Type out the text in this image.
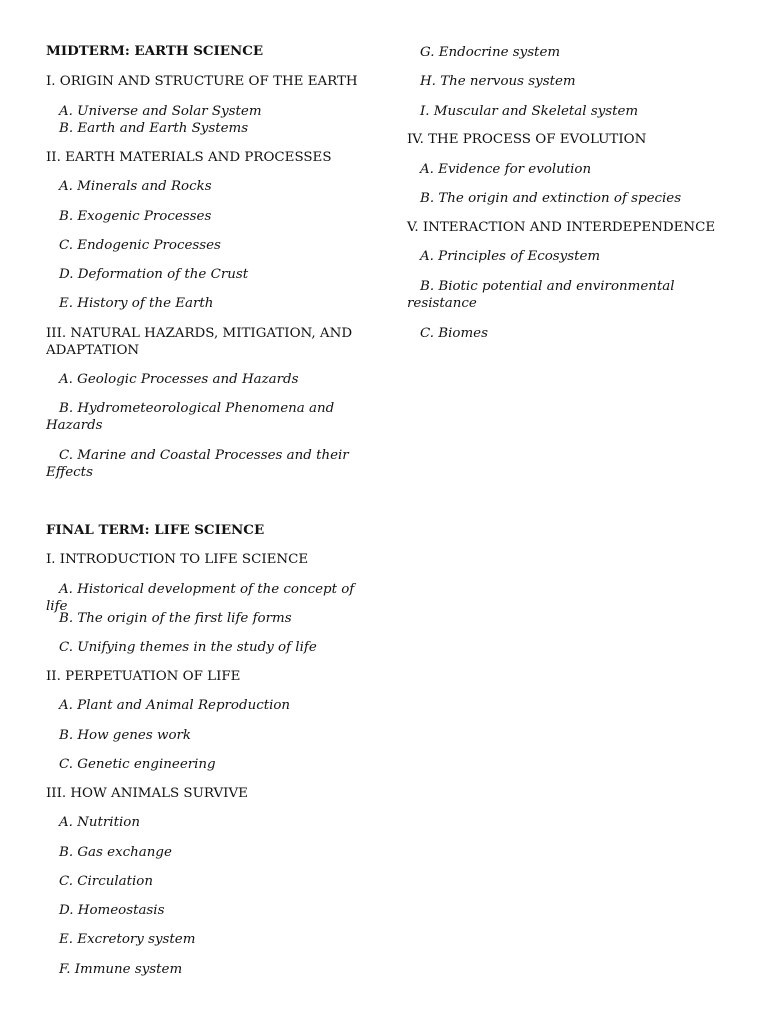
MIDTERM: EARTH SCIENCE
I. ORIGIN AND STRUCTURE OF THE EARTH
A. Universe and Solar System
B. Earth and Earth Systems
II. EARTH MATERIALS AND PROCESSES
A. Minerals and Rocks
B. Exogenic Processes
C. Endogenic Processes
D. Deformation of the Crust
E. History of the Earth
III. NATURAL HAZARDS, MITIGATION, AND ADAPTATION
A. Geologic Processes and Hazards
B. Hydrometeorological Phenomena and Hazards
C. Marine and Coastal Processes and their Effects
FINAL TERM: LIFE SCIENCE
I. INTRODUCTION TO LIFE SCIENCE
A. Historical development of the concept of life
B. The origin of the first life forms
C. Unifying themes in the study of life
II. PERPETUATION OF LIFE
A. Plant and Animal Reproduction
B. How genes work
C. Genetic engineering
III. HOW ANIMALS SURVIVE
A. Nutrition
B. Gas exchange
C. Circulation
D. Homeostasis
E. Excretory system
F. Immune system
G. Endocrine system
H. The nervous system
I. Muscular and Skeletal system
IV. THE PROCESS OF EVOLUTION
A. Evidence for evolution
B. The origin and extinction of species
V. INTERACTION AND INTERDEPENDENCE
A. Principles of Ecosystem
B. Biotic potential and environmental resistance
C. Biomes
